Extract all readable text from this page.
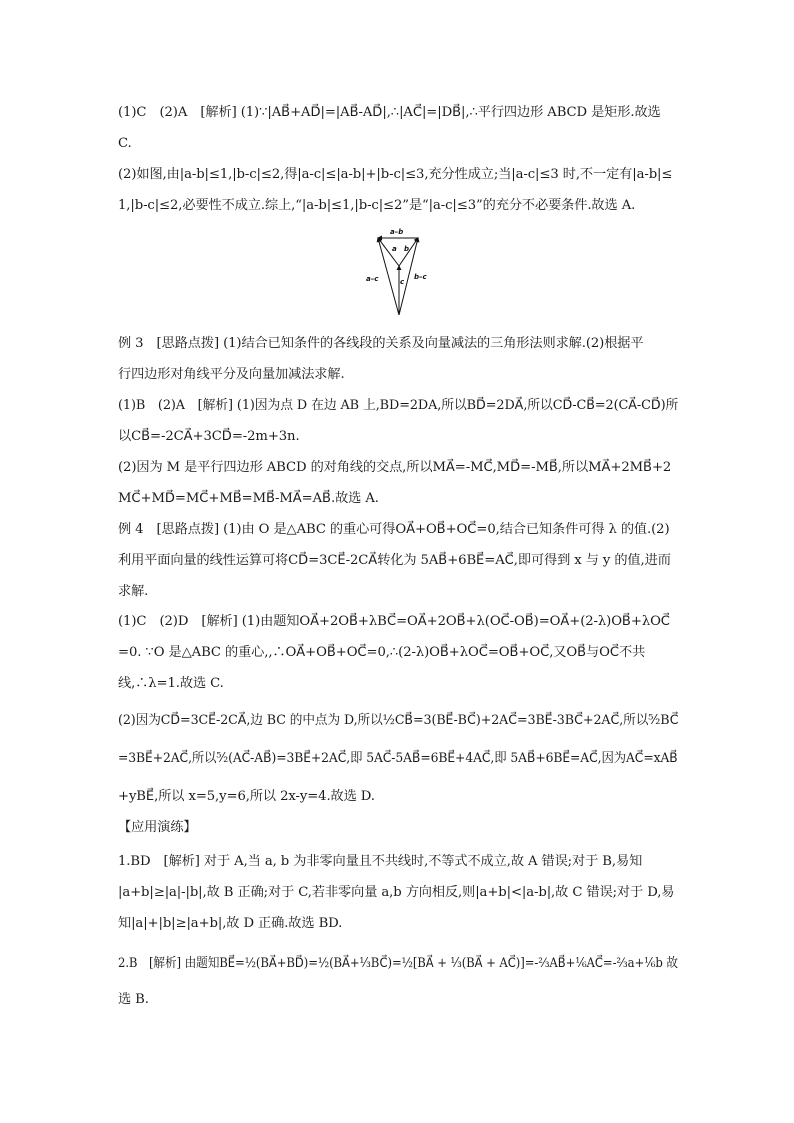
(1)C　(2)A　[解析] (1)∵|AB⃗+AD⃗|=|AB⃗-AD⃗|,∴|AC⃗|=|DB⃗|,∴平行四边形 ABCD 是矩形.故选
C.
(2)如图,由|a-b|≤1,|b-c|≤2,得|a-c|≤|a-b|+|b-c|≤3,充分性成立;当|a-c|≤3 时,不一定有|a-b|≤
1,|b-c|≤2,必要性不成立.综上,“|a-b|≤1,|b-c|≤2”是“|a-c|≤3”的充分不必要条件.故选 A.
a–b
a b
a–c	c
b–c
例 3　[思路点拨] (1)结合已知条件的各线段的关系及向量减法的三角形法则求解.(2)根据平
行四边形对角线平分及向量加减法求解.
(1)B　(2)A　[解析] (1)因为点 D 在边 AB 上,BD=2DA,所以BD⃗=2DA⃗,所以CD⃗-CB⃗=2(CA⃗-CD⃗)所
以CB⃗=-2CA⃗+3CD⃗=-2m+3n.
(2)因为 M 是平行四边形 ABCD 的对角线的交点,所以MA⃗=-MC⃗,MD⃗=-MB⃗,所以MA⃗+2MB⃗+2
MC⃗+MD⃗=MC⃗+MB⃗=MB⃗-MA⃗=AB⃗.故选 A.
例 4　[思路点拨] (1)由 O 是△ABC 的重心可得OA⃗+OB⃗+OC⃗=0,结合已知条件可得 λ 的值.(2)
利用平面向量的线性运算可将CD⃗=3CE⃗-2CA⃗转化为 5AB⃗+6BE⃗=AC⃗,即可得到 x 与 y 的值,进而
求解.
(1)C　(2)D　[解析] (1)由题知OA⃗+2OB⃗+λBC⃗=OA⃗+2OB⃗+λ(OC⃗-OB⃗)=OA⃗+(2-λ)OB⃗+λOC⃗
=0. ∵O 是△ABC 的重心,,∴OA⃗+OB⃗+OC⃗=0,∴(2-λ)OB⃗+λOC⃗=OB⃗+OC⃗,又OB⃗与OC⃗不共
线,∴λ=1.故选 C.
(2)因为CD⃗=3CE⃗-2CA⃗,边 BC 的中点为 D,所以½CB⃗=3(BE⃗-BC⃗)+2AC⃗=3BE⃗-3BC⃗+2AC⃗,所以⁵⁄₂BC⃗ =3BE⃗+2AC⃗,所以⁵⁄₂(AC⃗-AB⃗)=3BE⃗+2AC⃗,即 5AC⃗-5AB⃗=6BE⃗+4AC⃗,即 5AB⃗+6BE⃗=AC⃗,因为AC⃗=xAB⃗
+yBE⃗,所以 x=5,y=6,所以 2x-y=4.故选 D.
【应用演练】
1.BD　[解析] 对于 A,当 a, b 为非零向量且不共线时,不等式不成立,故 A 错误;对于 B,易知
|a+b|≥|a|-|b|,故 B 正确;对于 C,若非零向量 a,b 方向相反,则|a+b|<|a-b|,故 C 错误;对于 D,易
知|a|+|b|≥|a+b|,故 D 正确.故选 BD.
2.B　[解析] 由题知BE⃗=½(BA⃗+BD⃗)=½(BA⃗+⅓BC⃗)=½[BA⃗ + ⅓(BA⃗ + AC⃗)]=-⅔AB⃗+⅙AC⃗=-⅔a+⅙b 故
选 B.
